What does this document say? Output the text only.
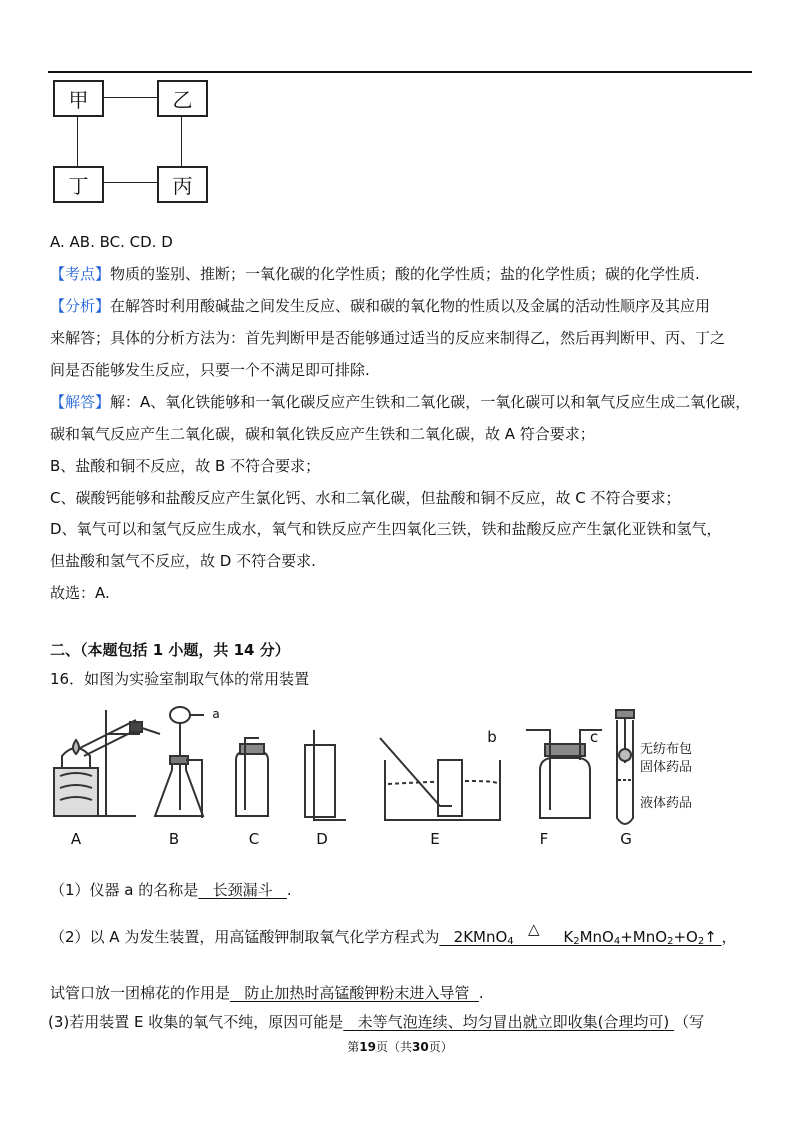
甲	乙
丁	丙
A. AB. BC. CD. D
【考点】物质的鉴别、推断；一氧化碳的化学性质；酸的化学性质；盐的化学性质；碳的化学性质.
【分析】在解答时利用酸碱盐之间发生反应、碳和碳的氧化物的性质以及金属的活动性顺序及其应用
来解答；具体的分析方法为：首先判断甲是否能够通过适当的反应来制得乙，然后再判断甲、丙、丁之
间是否能够发生反应，只要一个不满足即可排除.
【解答】解：A、氧化铁能够和一氧化碳反应产生铁和二氧化碳，一氧化碳可以和氧气反应生成二氧化碳，
碳和氧气反应产生二氧化碳，碳和氧化铁反应产生铁和二氧化碳，故 A 符合要求；
B、盐酸和铜不反应，故 B 不符合要求；
C、碳酸钙能够和盐酸反应产生氯化钙、水和二氧化碳，但盐酸和铜不反应，故 C 不符合要求；
D、氧气可以和氢气反应生成水，氧气和铁反应产生四氧化三铁，铁和盐酸反应产生氯化亚铁和氢气，
但盐酸和氢气不反应，故 D 不符合要求.
故选：A.
二、（本题包括 1 小题，共 14 分）
16．如图为实验室制取气体的常用装置
A	B	C	D	E	F	G
a
b	c
无纺布包
固体药品
液体药品
（1）仪器 a 的名称是 长颈漏斗 .
（2）以 A 为发生装置，用高锰酸钾制取氧气化学方程式为 2KMnO$_4$   △ $K_2MnO_4+MnO_2+O_2↑$ ，
试管口放一团棉花的作用是 防止加热时高锰酸钾粉末进入导管 .
(3)若用装置 E 收集的氧气不纯，原因可能是 未等气泡连续、均匀冒出就立即收集(合理均可) （写
第19页（共30页）
